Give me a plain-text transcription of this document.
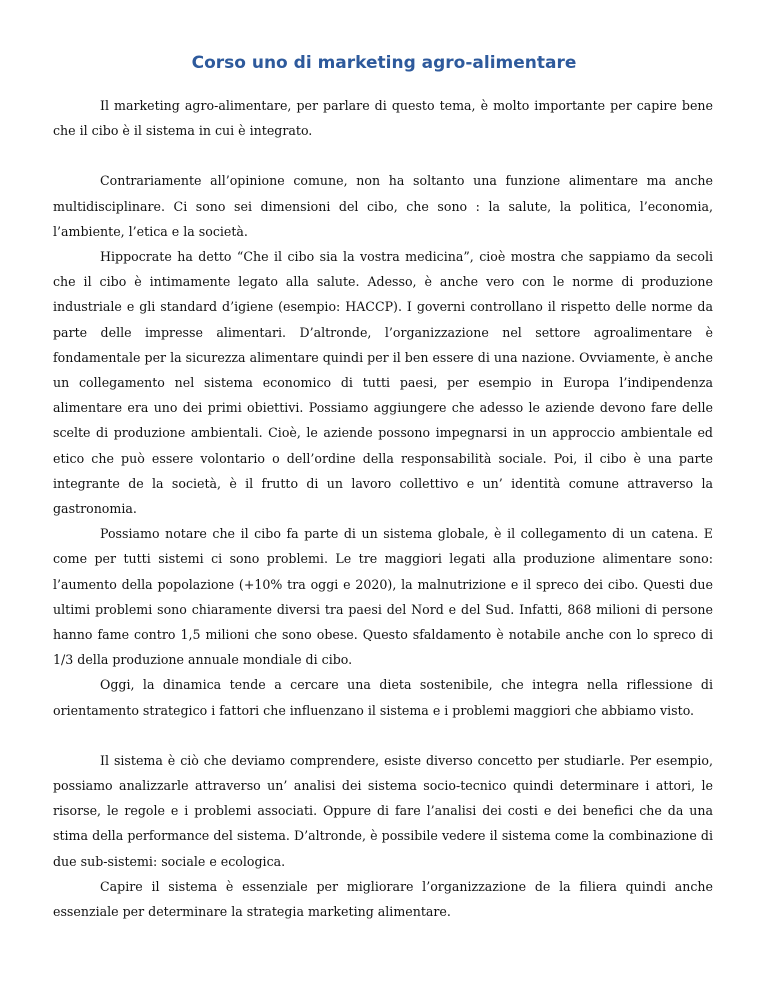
Corso uno di marketing agro-alimentare

Il marketing agro-alimentare, per parlare di questo tema, è molto importante per capire bene che il cibo è il sistema in cui è integrato.

Contrariamente all’opinione comune, non ha soltanto una funzione alimentare ma anche multidisciplinare. Ci sono sei dimensioni del cibo, che sono : la salute, la politica, l’economia, l’ambiente, l’etica e la società.

Hippocrate ha detto “Che il cibo sia la vostra medicina”, cioè mostra che sappiamo da secoli che il cibo è intimamente legato alla salute. Adesso, è anche vero con le norme di produzione industriale e gli standard d’igiene (esempio: HACCP). I governi controllano il rispetto delle norme da parte delle impresse alimentari. D’altronde, l’organizzazione nel settore agroalimentare è fondamentale per la sicurezza alimentare quindi per il ben essere di una nazione. Ovviamente, è anche un collegamento nel sistema economico di tutti paesi, per esempio in Europa l’indipendenza alimentare era uno dei primi obiettivi. Possiamo aggiungere che adesso le aziende devono fare delle scelte di produzione ambientali. Cioè, le aziende possono impegnarsi in un approccio ambientale ed etico che può essere volontario o dell’ordine della responsabilità sociale. Poi, il cibo è una parte integrante de la società, è il frutto di un lavoro collettivo e un’ identità comune attraverso la gastronomia.

Possiamo notare che il cibo fa parte di un sistema globale, è il collegamento di un catena. E come per tutti sistemi ci sono problemi. Le tre maggiori legati alla produzione alimentare sono: l’aumento della popolazione (+10% tra oggi e 2020), la malnutrizione e il spreco dei cibo. Questi due ultimi problemi sono chiaramente diversi tra paesi del Nord e del Sud. Infatti, 868 milioni di persone hanno fame contro 1,5 milioni che sono obese. Questo sfaldamento è notabile anche con lo spreco di 1/3 della produzione annuale mondiale di cibo.

Oggi, la dinamica tende a cercare una dieta sostenibile, che integra nella riflessione di orientamento strategico i fattori che influenzano il sistema e i problemi maggiori che abbiamo visto.

Il sistema è ciò che deviamo comprendere, esiste diverso concetto per studiarle. Per esempio, possiamo analizzarle attraverso un’ analisi dei sistema socio-tecnico quindi determinare i attori, le risorse, le regole e i problemi associati. Oppure di fare l’analisi dei costi e dei benefici che da una stima della performance del sistema. D’altronde, è possibile vedere il sistema come la combinazione di due sub-sistemi: sociale e ecologica.

Capire il sistema è essenziale per migliorare l’organizzazione de la filiera quindi anche essenziale per determinare la strategia marketing alimentare.
